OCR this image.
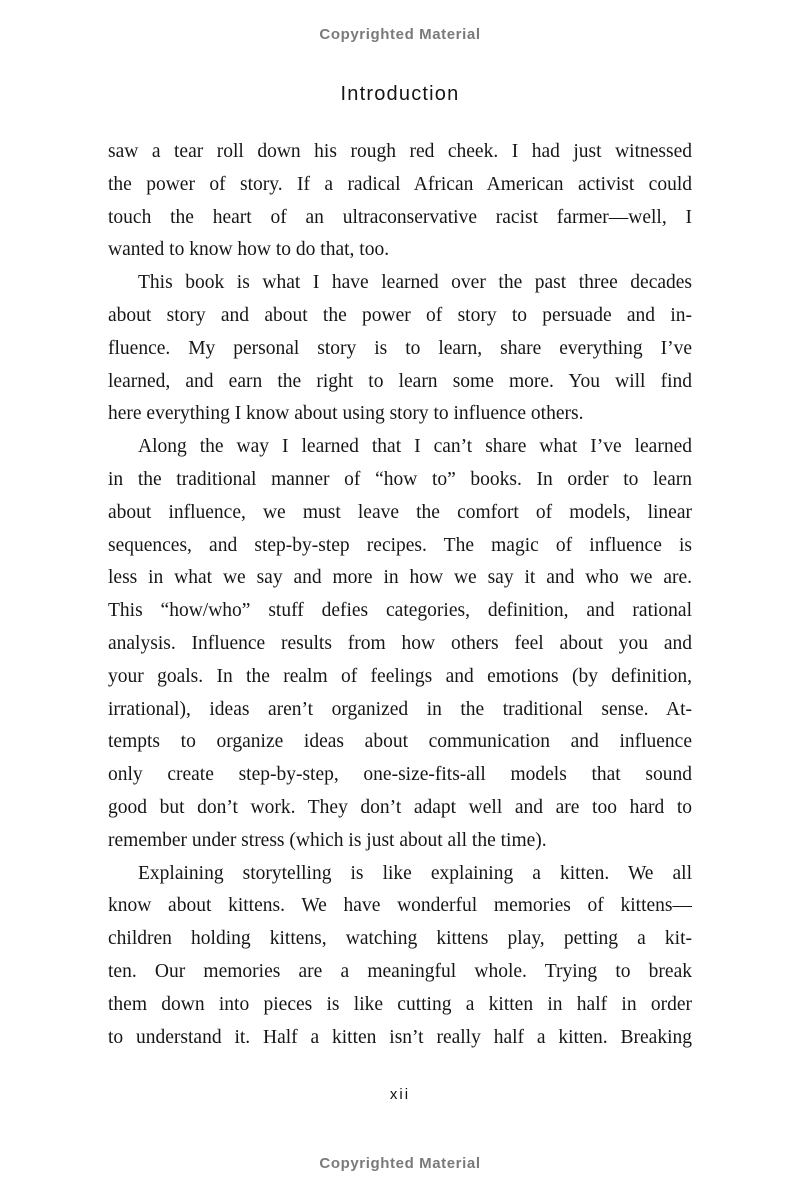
Copyrighted Material
Introduction
saw a tear roll down his rough red cheek. I had just witnessed
the power of story. If a radical African American activist could
touch the heart of an ultraconservative racist farmer—well, I
wanted to know how to do that, too.
This book is what I have learned over the past three decades
about story and about the power of story to persuade and in-
fluence. My personal story is to learn, share everything I’ve
learned, and earn the right to learn some more. You will find
here everything I know about using story to influence others.
Along the way I learned that I can’t share what I’ve learned
in the traditional manner of “how to” books. In order to learn
about influence, we must leave the comfort of models, linear
sequences, and step-by-step recipes. The magic of influence is
less in what we say and more in how we say it and who we are.
This “how/who” stuff defies categories, definition, and rational
analysis. Influence results from how others feel about you and
your goals. In the realm of feelings and emotions (by definition,
irrational), ideas aren’t organized in the traditional sense. At-
tempts to organize ideas about communication and influence
only create step-by-step, one-size-fits-all models that sound
good but don’t work. They don’t adapt well and are too hard to
remember under stress (which is just about all the time).
Explaining storytelling is like explaining a kitten. We all
know about kittens. We have wonderful memories of kittens—
children holding kittens, watching kittens play, petting a kit-
ten. Our memories are a meaningful whole. Trying to break
them down into pieces is like cutting a kitten in half in order
to understand it. Half a kitten isn’t really half a kitten. Breaking
xii
Copyrighted Material
